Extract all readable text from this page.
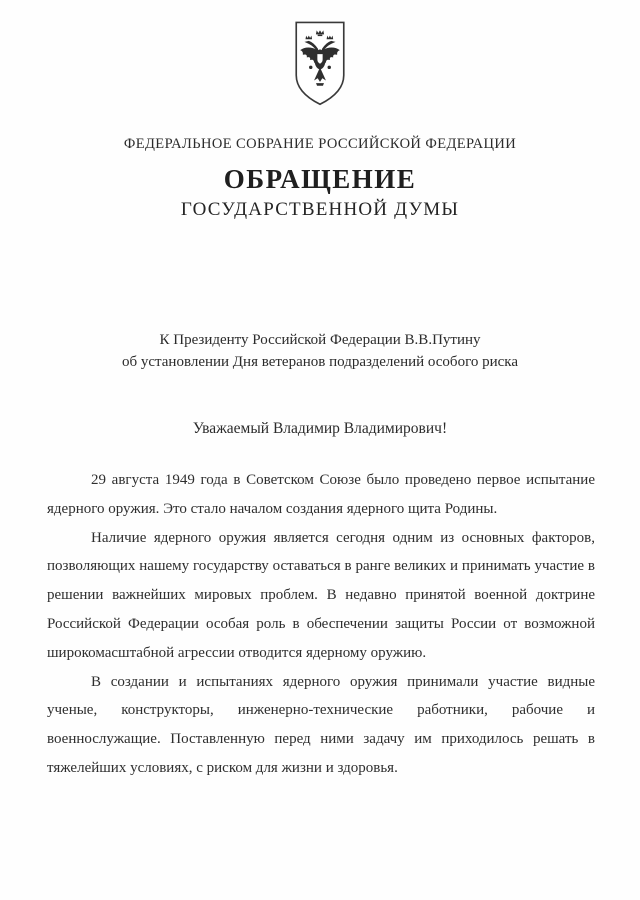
ФЕДЕРАЛЬНОЕ СОБРАНИЕ РОССИЙСКОЙ ФЕДЕРАЦИИ
ОБРАЩЕНИЕ
ГОСУДАРСТВЕННОЙ ДУМЫ
К Президенту Российской Федерации В.В.Путину
об установлении Дня ветеранов подразделений особого риска
Уважаемый Владимир Владимирович!

29 августа 1949 года в Советском Союзе было проведено первое испытание ядерного оружия. Это стало началом создания ядерного щита Родины.

Наличие ядерного оружия является сегодня одним из основных факторов, позволяющих нашему государству оставаться в ранге великих и принимать участие в решении важнейших мировых проблем. В недавно принятой военной доктрине Российской Федерации особая роль в обеспечении защиты России от возможной широкомасштабной агрессии отводится ядерному оружию.

В создании и испытаниях ядерного оружия принимали участие видные ученые, конструкторы, инженерно-технические работники, рабочие и военнослужащие. Поставленную перед ними задачу им приходилось решать в тяжелейших условиях, с риском для жизни и здоровья.
